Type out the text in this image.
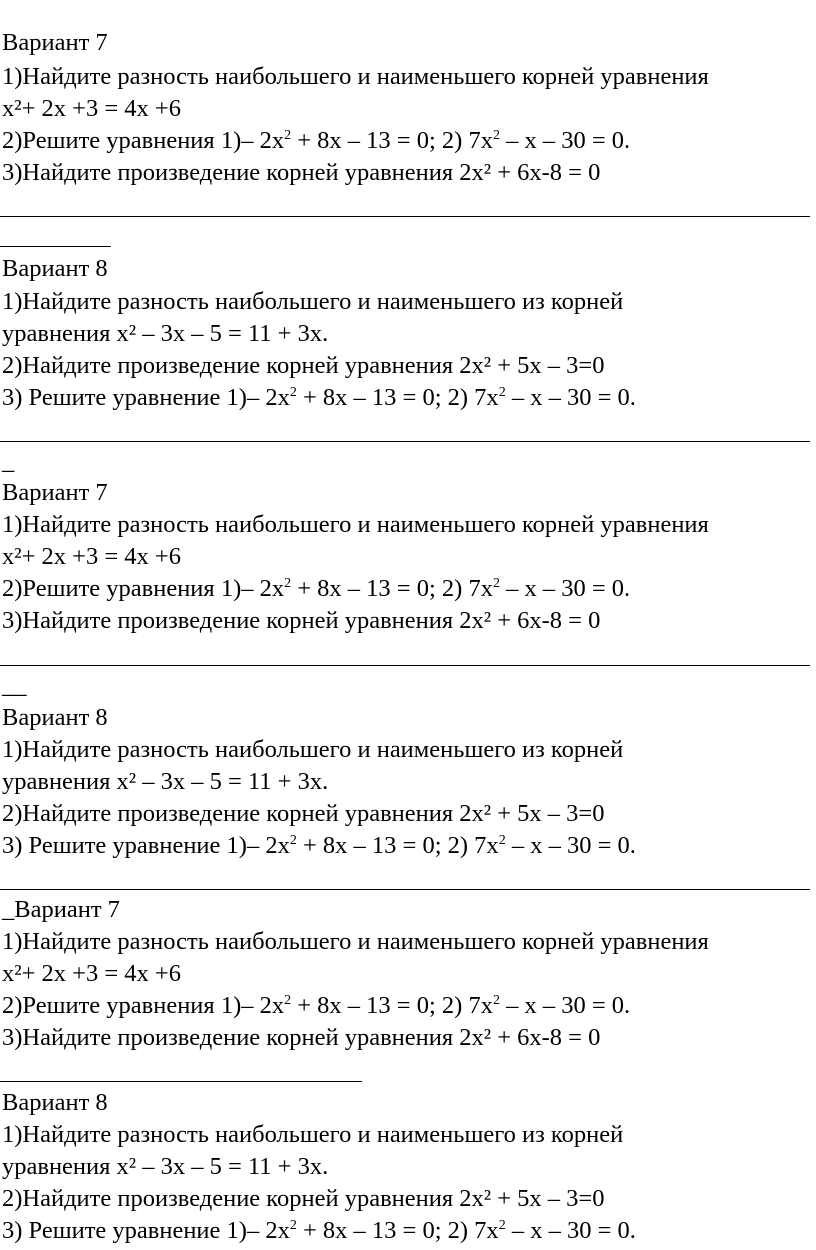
Вариант 7
1)Найдите разность наибольшего и наименьшего корней уравнения
x²+ 2x +3 = 4x +6
2)Решите уравнения 1)– $2x^2 + 8x - 13 = 0$; 2) $7x^2 - x - 30 = 0$.
3)Найдите произведение корней уравнения 2x² + 6x-8 = 0
Вариант 8
1)Найдите разность наибольшего и наименьшего из корней
уравнения x² – 3x – 5 = 11 + 3x.
2)Найдите произведение корней уравнения 2x² + 5x – 3=0
3) Решите уравнение 1)– $2x^2 + 8x - 13 = 0$; 2) $7x^2 - x - 30 = 0$.
_
Вариант 7
1)Найдите разность наибольшего и наименьшего корней уравнения
x²+ 2x +3 = 4x +6
2)Решите уравнения 1)– $2x^2 + 8x - 13 = 0$; 2) $7x^2 - x - 30 = 0$.
3)Найдите произведение корней уравнения 2x² + 6x-8 = 0
__
Вариант 8
1)Найдите разность наибольшего и наименьшего из корней
уравнения x² – 3x – 5 = 11 + 3x.
2)Найдите произведение корней уравнения 2x² + 5x – 3=0
3) Решите уравнение 1)– $2x^2 + 8x - 13 = 0$; 2) $7x^2 - x - 30 = 0$.
_Вариант 7
1)Найдите разность наибольшего и наименьшего корней уравнения
x²+ 2x +3 = 4x +6
2)Решите уравнения 1)– $2x^2 + 8x - 13 = 0$; 2) $7x^2 - x - 30 = 0$.
3)Найдите произведение корней уравнения 2x² + 6x-8 = 0
Вариант 8
1)Найдите разность наибольшего и наименьшего из корней
уравнения x² – 3x – 5 = 11 + 3x.
2)Найдите произведение корней уравнения 2x² + 5x – 3=0
3) Решите уравнение 1)– $2x^2 + 8x - 13 = 0$; 2) $7x^2 - x - 30 = 0$.
